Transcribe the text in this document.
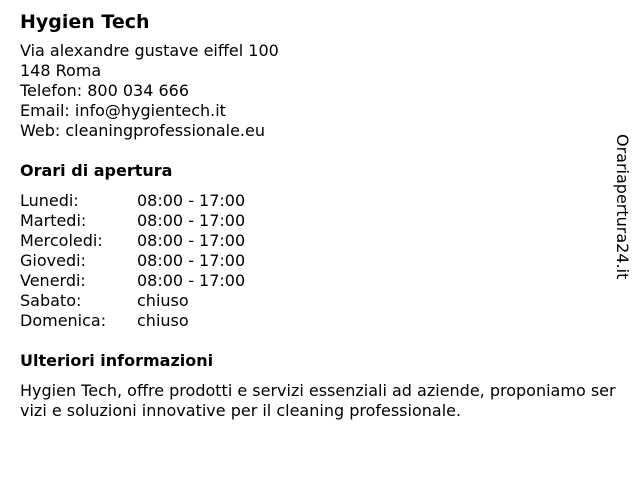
Hygien Tech
Via alexandre gustave eiffel 100
148 Roma
Telefon: 800 034 666
Email: info@hygientech.it
Web: cleaningprofessionale.eu
Orari di apertura
Lunedi:	08:00 - 17:00
Martedi:	08:00 - 17:00
Mercoledi:	08:00 - 17:00
Giovedi:	08:00 - 17:00
Venerdi:	08:00 - 17:00
Sabato:	chiuso
Domenica:	chiuso
Ulteriori informazioni
Hygien Tech, offre prodotti e servizi essenziali ad aziende, proponiamo servizi e soluzioni innovative per il cleaning professionale.
Orariapertura24.it
